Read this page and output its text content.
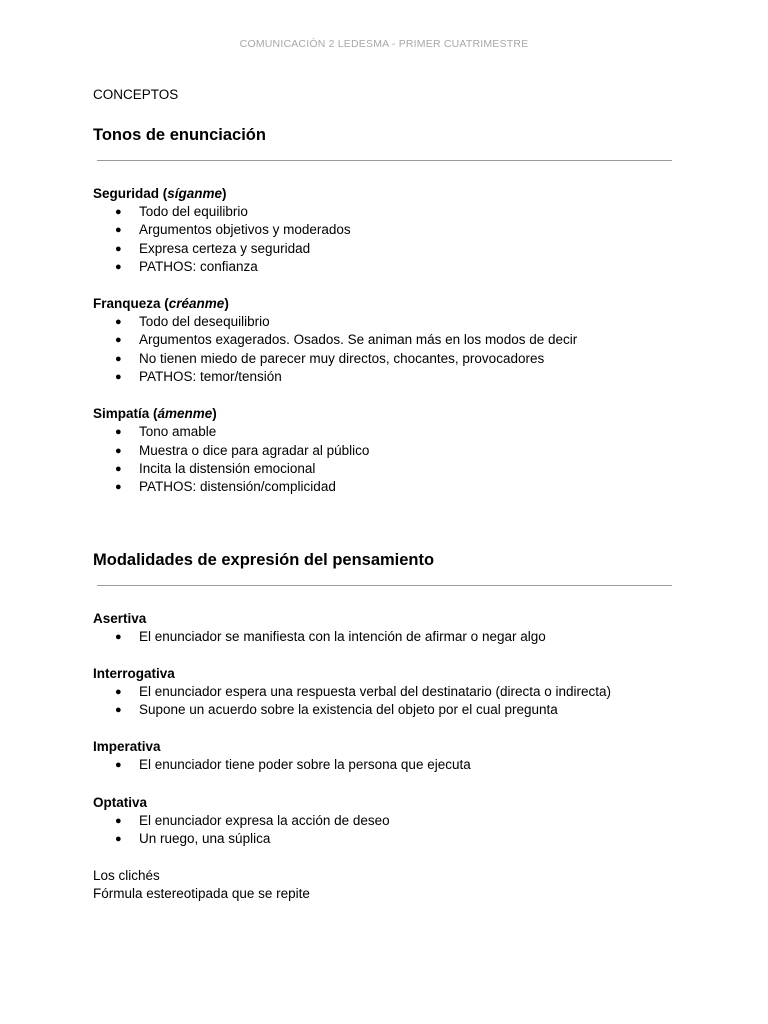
COMUNICACIÓN 2 LEDESMA - PRIMER CUATRIMESTRE

CONCEPTOS

Tonos de enunciación

Seguridad (síganme)

● Todo del equilibrio
● Argumentos objetivos y moderados
● Expresa certeza y seguridad
● PATHOS: confianza

Franqueza (créanme)

● Todo del desequilibrio
● Argumentos exagerados. Osados. Se animan más en los modos de decir
● No tienen miedo de parecer muy directos, chocantes, provocadores
● PATHOS: temor/tensión

Simpatía (ámenme)

● Tono amable
● Muestra o dice para agradar al público
● Incita la distensión emocional
● PATHOS: distensión/complicidad

Modalidades de expresión del pensamiento

Asertiva

● El enunciador se manifiesta con la intención de afirmar o negar algo

Interrogativa

● El enunciador espera una respuesta verbal del destinatario (directa o indirecta)
● Supone un acuerdo sobre la existencia del objeto por el cual pregunta

Imperativa

● El enunciador tiene poder sobre la persona que ejecuta

Optativa

● El enunciador expresa la acción de deseo
● Un ruego, una súplica

Los clichés

Fórmula estereotipada que se repite
